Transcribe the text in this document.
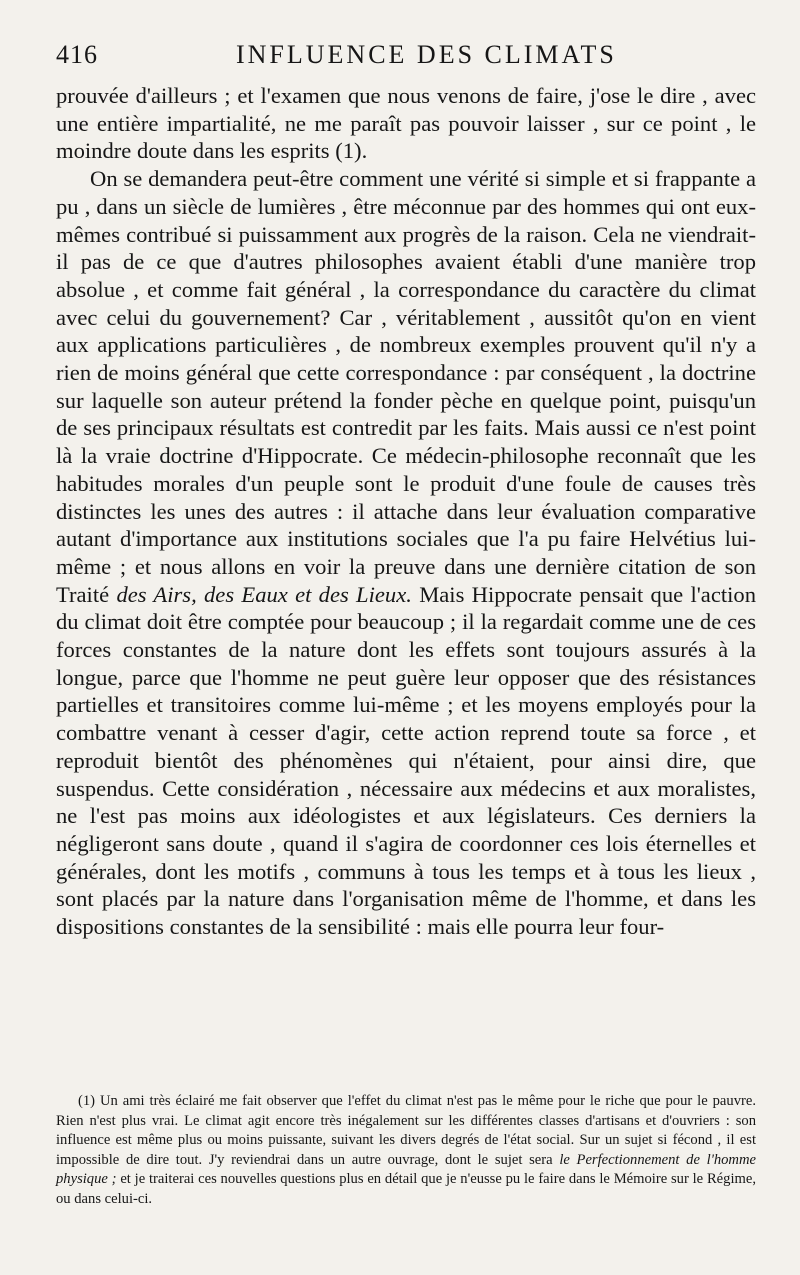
416	INFLUENCE DES CLIMATS

prouvée d'ailleurs ; et l'examen que nous venons de faire, j'ose le dire , avec une entière impartialité, ne me paraît pas pouvoir laisser , sur ce point , le moindre doute dans les esprits (1).

On se demandera peut-être comment une vérité si simple et si frappante a pu , dans un siècle de lumières , être méconnue par des hommes qui ont eux-mêmes contribué si puissamment aux progrès de la raison. Cela ne viendrait-il pas de ce que d'autres philosophes avaient établi d'une manière trop absolue , et comme fait général , la correspondance du caractère du climat avec celui du gouvernement? Car , véritablement , aussitôt qu'on en vient aux applications particulières , de nombreux exemples prouvent qu'il n'y a rien de moins général que cette correspondance : par conséquent , la doctrine sur laquelle son auteur prétend la fonder pèche en quelque point, puisqu'un de ses principaux résultats est contredit par les faits. Mais aussi ce n'est point là la vraie doctrine d'Hippocrate. Ce médecin-philosophe reconnaît que les habitudes morales d'un peuple sont le produit d'une foule de causes très distinctes les unes des autres : il attache dans leur évaluation comparative autant d'importance aux institutions sociales que l'a pu faire Helvétius lui-même ; et nous allons en voir la preuve dans une dernière citation de son Traité des Airs, des Eaux et des Lieux. Mais Hippocrate pensait que l'action du climat doit être comptée pour beaucoup ; il la regardait comme une de ces forces constantes de la nature dont les effets sont toujours assurés à la longue, parce que l'homme ne peut guère leur opposer que des résistances partielles et transitoires comme lui-même ; et les moyens employés pour la combattre venant à cesser d'agir, cette action reprend toute sa force , et reproduit bientôt des phénomènes qui n'étaient, pour ainsi dire, que suspendus. Cette considération , nécessaire aux médecins et aux moralistes, ne l'est pas moins aux idéologistes et aux législateurs. Ces derniers la négligeront sans doute , quand il s'agira de coordonner ces lois éternelles et générales, dont les motifs , communs à tous les temps et à tous les lieux , sont placés par la nature dans l'organisation même de l'homme, et dans les dispositions constantes de la sensibilité : mais elle pourra leur four-

(1) Un ami très éclairé me fait observer que l'effet du climat n'est pas le même pour le riche que pour le pauvre. Rien n'est plus vrai. Le climat agit encore très inégalement sur les différentes classes d'artisans et d'ouvriers : son influence est même plus ou moins puissante, suivant les divers degrés de l'état social. Sur un sujet si fécond , il est impossible de dire tout. J'y reviendrai dans un autre ouvrage, dont le sujet sera le Perfectionnement de l'homme physique ; et je traiterai ces nouvelles questions plus en détail que je n'eusse pu le faire dans le Mémoire sur le Régime, ou dans celui-ci.
